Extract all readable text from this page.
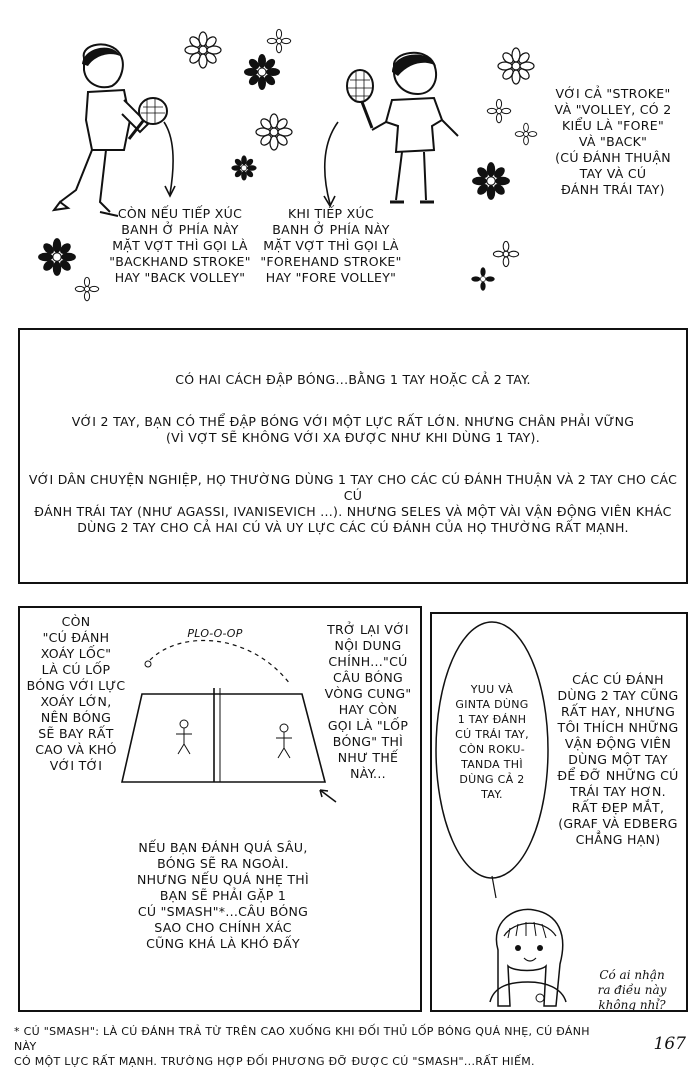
VỚI CẢ "STROKE"
VÀ "VOLLEY, CÓ 2
KIỂU LÀ "FORE"
VÀ "BACK"
(CÚ ĐÁNH THUẬN
TAY VÀ CÚ
ĐÁNH TRÁI TAY)
CÒN NẾU TIẾP XÚC
BANH Ở PHÍA NÀY
MẶT VỢT THÌ GỌI LÀ
"BACKHAND STROKE"
HAY "BACK VOLLEY"
KHI TIẾP XÚC
BANH Ở PHÍA NÀY
MẶT VỢT THÌ GỌI LÀ
"FOREHAND STROKE"
HAY "FORE VOLLEY"
CÓ HAI CÁCH ĐẬP BÓNG...BẰNG 1 TAY HOẶC CẢ 2 TAY.
VỚI 2 TAY, BẠN CÓ THỂ ĐẬP BÓNG VỚI MỘT LỰC RẤT LỚN. NHƯNG CHÂN PHẢI VỮNG
(VÌ VỢT SẼ KHÔNG VỚI XA ĐƯỢC NHƯ KHI DÙNG 1 TAY).
VỚI DÂN CHUYỆN NGHIỆP, HỌ THƯỜNG DÙNG 1 TAY CHO CÁC CÚ ĐÁNH THUẬN VÀ 2 TAY CHO CÁC CÚ
ĐÁNH TRÁI TAY (NHƯ AGASSI, IVANISEVICH ...). NHƯNG SELES VÀ MỘT VÀI VẬN ĐỘNG VIÊN KHÁC
DÙNG 2 TAY CHO CẢ HAI CÚ VÀ UY LỰC CÁC CÚ ĐÁNH CỦA HỌ THƯỜNG RẤT MẠNH.
CÒN
"CÚ ĐÁNH
XOÁY LỐC"
LÀ CÚ LỐP
BÓNG VỚI LỰC
XOÁY LỚN,
NÊN BÓNG
SẼ BAY RẤT
CAO VÀ KHÓ
VỚI TỚI
PLO-O-OP	TRỞ LẠI VỚI
NỘI DUNG
CHÍNH..."CÚ
CÂU BÓNG
VÒNG CUNG"
HAY CÒN
GỌI LÀ "LỐP
BÓNG" THÌ
NHƯ THẾ
NÀY...
NẾU BẠN ĐÁNH QUÁ SÂU,
BÓNG SẼ RA NGOÀI.
NHƯNG NẾU QUÁ NHẸ THÌ
BẠN SẼ PHẢI GẶP 1
CÚ "SMASH"*...CÂU BÓNG
SAO CHO CHÍNH XÁC
CŨNG KHÁ LÀ KHÓ ĐẤY
YUU VÀ
GINTA DÙNG
1 TAY ĐÁNH
CÚ TRÁI TAY,
CÒN ROKU-
TANDA THÌ
DÙNG CẢ 2
TAY.
CÁC CÚ ĐÁNH
DÙNG 2 TAY CŨNG
RẤT HAY, NHƯNG
TÔI THÍCH NHỮNG
VẬN ĐỘNG VIÊN
DÙNG MỘT TAY
ĐỂ ĐỠ NHỮNG CÚ
TRÁI TAY HƠN.
RẤT ĐẸP MẮT,
(GRAF VÀ EDBERG
CHẲNG HẠN)
Có ai nhận
ra điều này
không nhỉ?
* CÚ "SMASH": LÀ CÚ ĐÁNH TRẢ TỪ TRÊN CAO XUỐNG KHI ĐỐI THỦ LỐP BÓNG QUÁ NHẸ, CÚ ĐÁNH NÀY
CÓ MỘT LỰC RẤT MẠNH. TRƯỜNG HỢP ĐỐI PHƯƠNG ĐỠ ĐƯỢC CÚ "SMASH"...RẤT HIẾM.
167
